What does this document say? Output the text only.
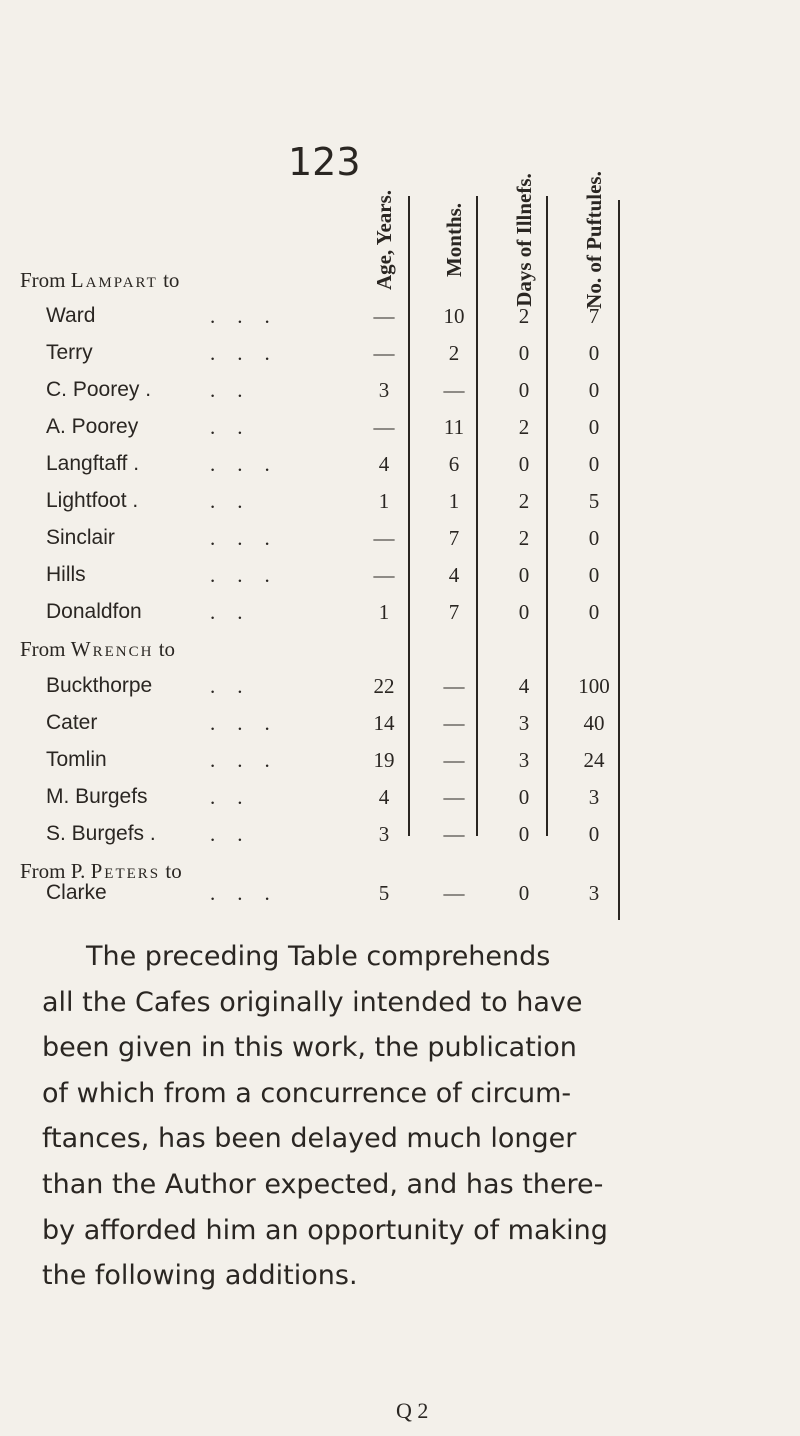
123
Age, Years. Months. Days of Illnefs. No. of Puftules.
From Lampart to
Ward	...	—	10	2	7
Terry	...	—	2	0	0
C. Poorey .	..	3	—	0	0
A. Poorey	..	—	11	2	0
Langftaff .	...	4	6	0	0
Lightfoot .	..	1	1	2	5
Sinclair	...	—	7	2	0
Hills	...	—	4	0	0
Donaldfon	..	1	7	0	0
From Wrench to
Buckthorpe	..	22	—	4	100
Cater	...	14	—	3	40
Tomlin	...	19	—	3	24
M. Burgefs	..	4	—	0	3
S. Burgefs .	..	3	—	0	0
From P. Peters to
Clarke	...	5	—	0	3
The preceding Table comprehends
all the Cafes originally intended to have
been given in this work, the publication
of which from a concurrence of circum-
ftances, has been delayed much longer
than the Author expected, and has there-
by afforded him an opportunity of making
the following additions.
Q 2
